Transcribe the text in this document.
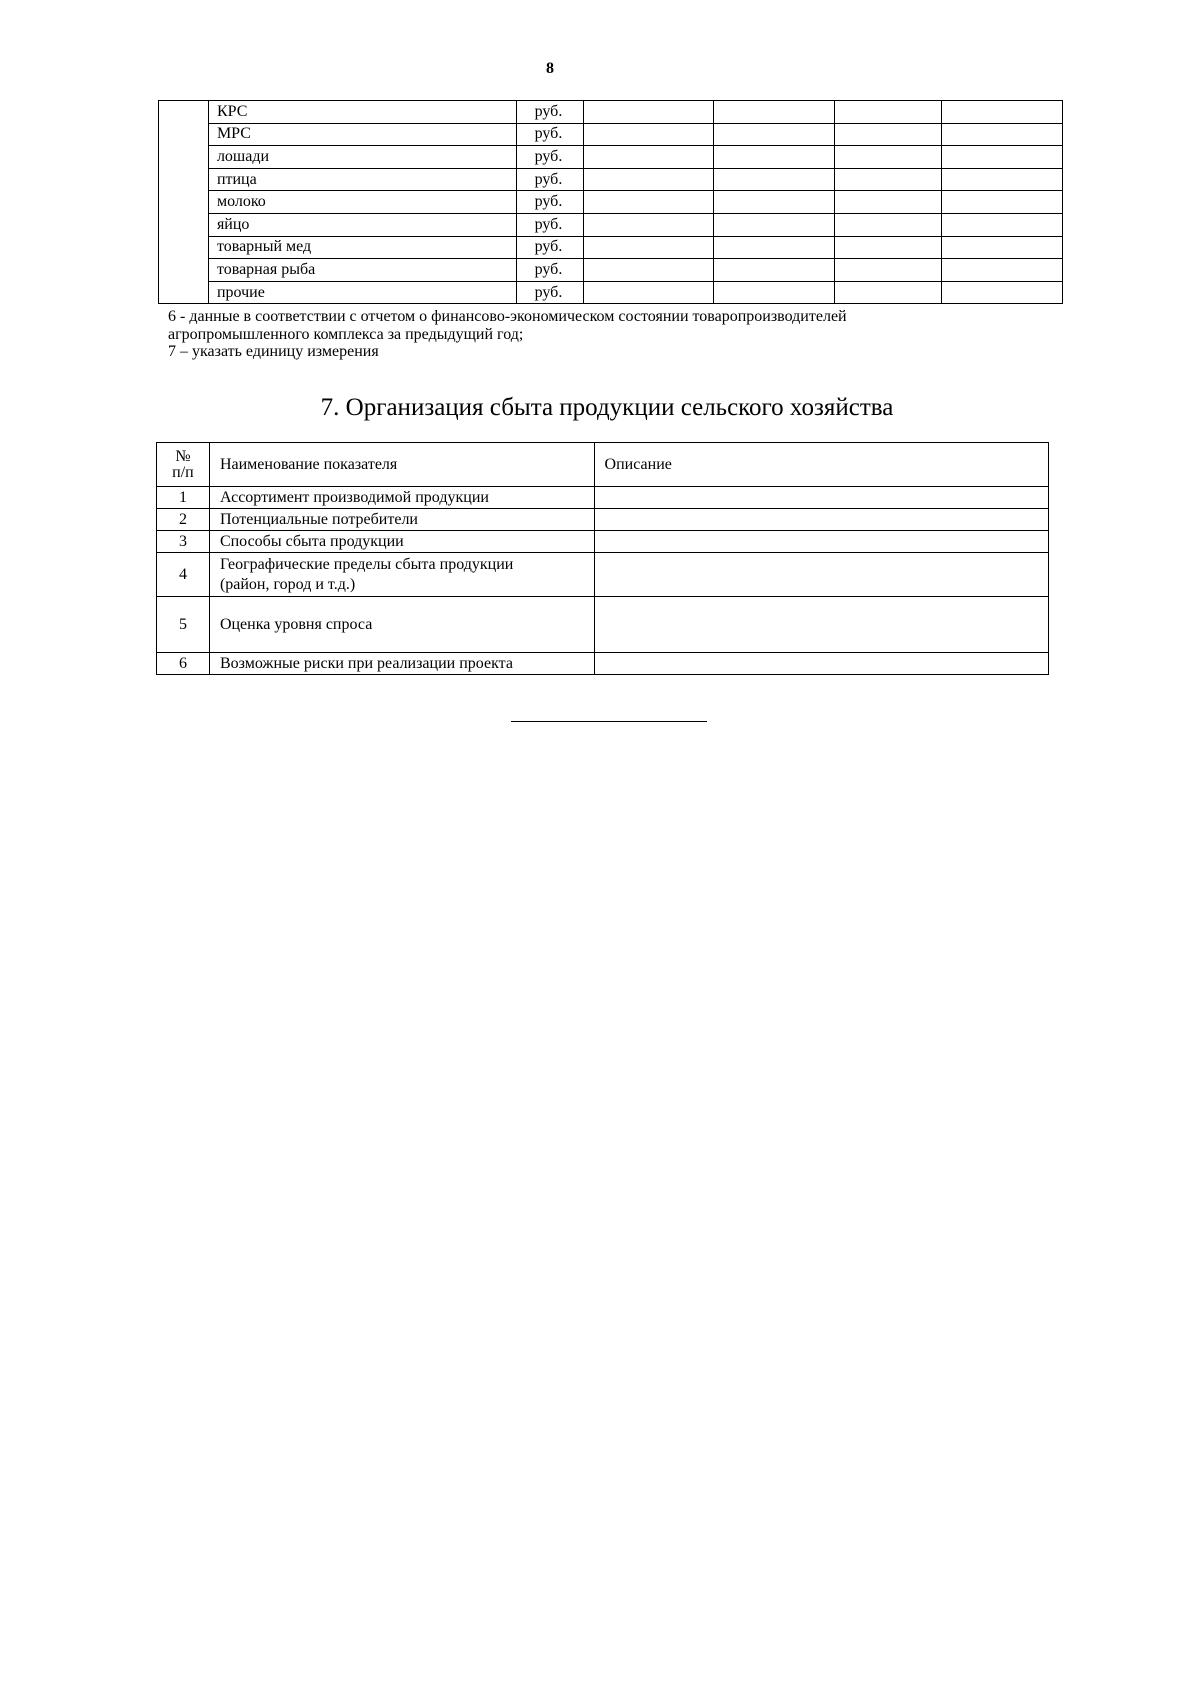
8
	КРС	руб.				
	МРС	руб.				
	лошади	руб.				
	птица	руб.				
	молоко	руб.				
	яйцо	руб.				
	товарный мед	руб.				
	товарная рыба	руб.				
	прочие	руб.				
6 - данные в соответствии с отчетом о финансово-экономическом состоянии товаропроизводителей
агропромышленного комплекса за предыдущий год;
7 – указать единицу измерения
7. Организация сбыта продукции сельского хозяйства
№
п/п	Наименование показателя	Описание
1	Ассортимент производимой продукции	
2	Потенциальные потребители	
3	Способы сбыта продукции	
4	Географические пределы сбыта продукции
(район, город и т.д.)	

5	Оценка уровня спроса	
6	Возможные риски при реализации проекта	
